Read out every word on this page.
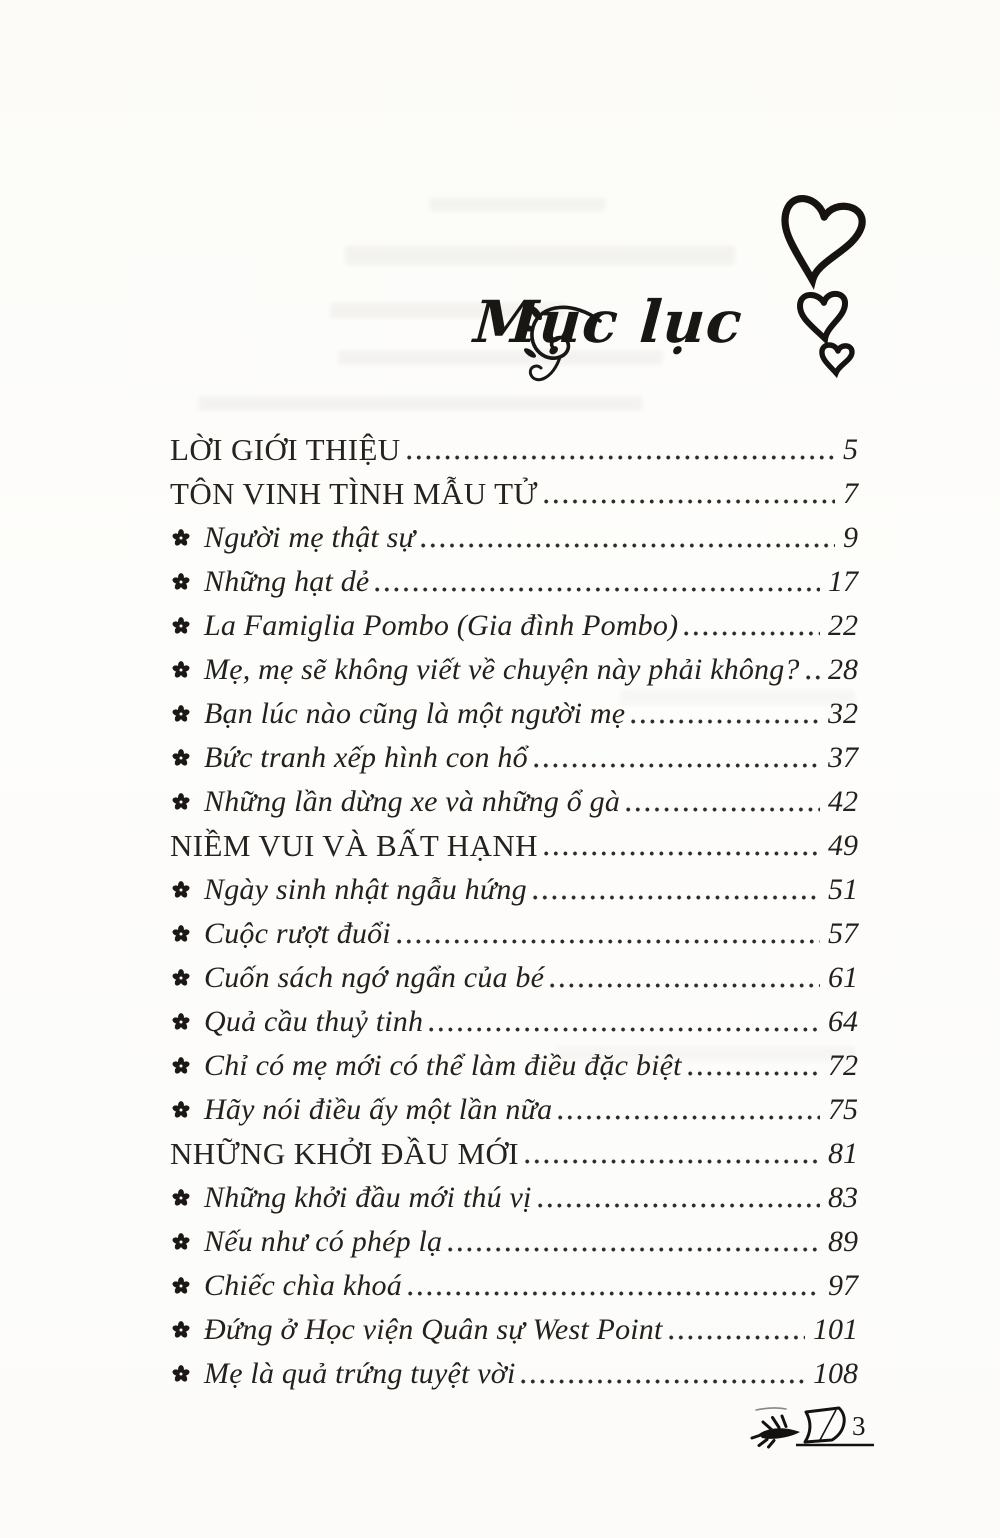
Mục lục
LỜI GIỚI THIỆU	5
TÔN VINH TÌNH MẪU TỬ	7
Người mẹ thật sự	9
Những hạt dẻ	17
La Famiglia Pombo (Gia đình Pombo)	22
Mẹ, mẹ sẽ không viết về chuyện này phải không? 28
Bạn lúc nào cũng là một người mẹ	32
Bức tranh xếp hình con hổ	37
Những lần dừng xe và những ổ gà	42
NIỀM VUI VÀ BẤT HẠNH	49
Ngày sinh nhật ngẫu hứng	51
Cuộc rượt đuổi	57
Cuốn sách ngớ ngẩn của bé	61
Quả cầu thuỷ tinh	64
Chỉ có mẹ mới có thể làm điều đặc biệt	72
Hãy nói điều ấy một lần nữa	75
NHỮNG KHỞI ĐẦU MỚI	81
Những khởi đầu mới thú vị	83
Nếu như có phép lạ	89
Chiếc chìa khoá	97
Đứng ở Học viện Quân sự West Point	101
Mẹ là quả trứng tuyệt vời	108
3
